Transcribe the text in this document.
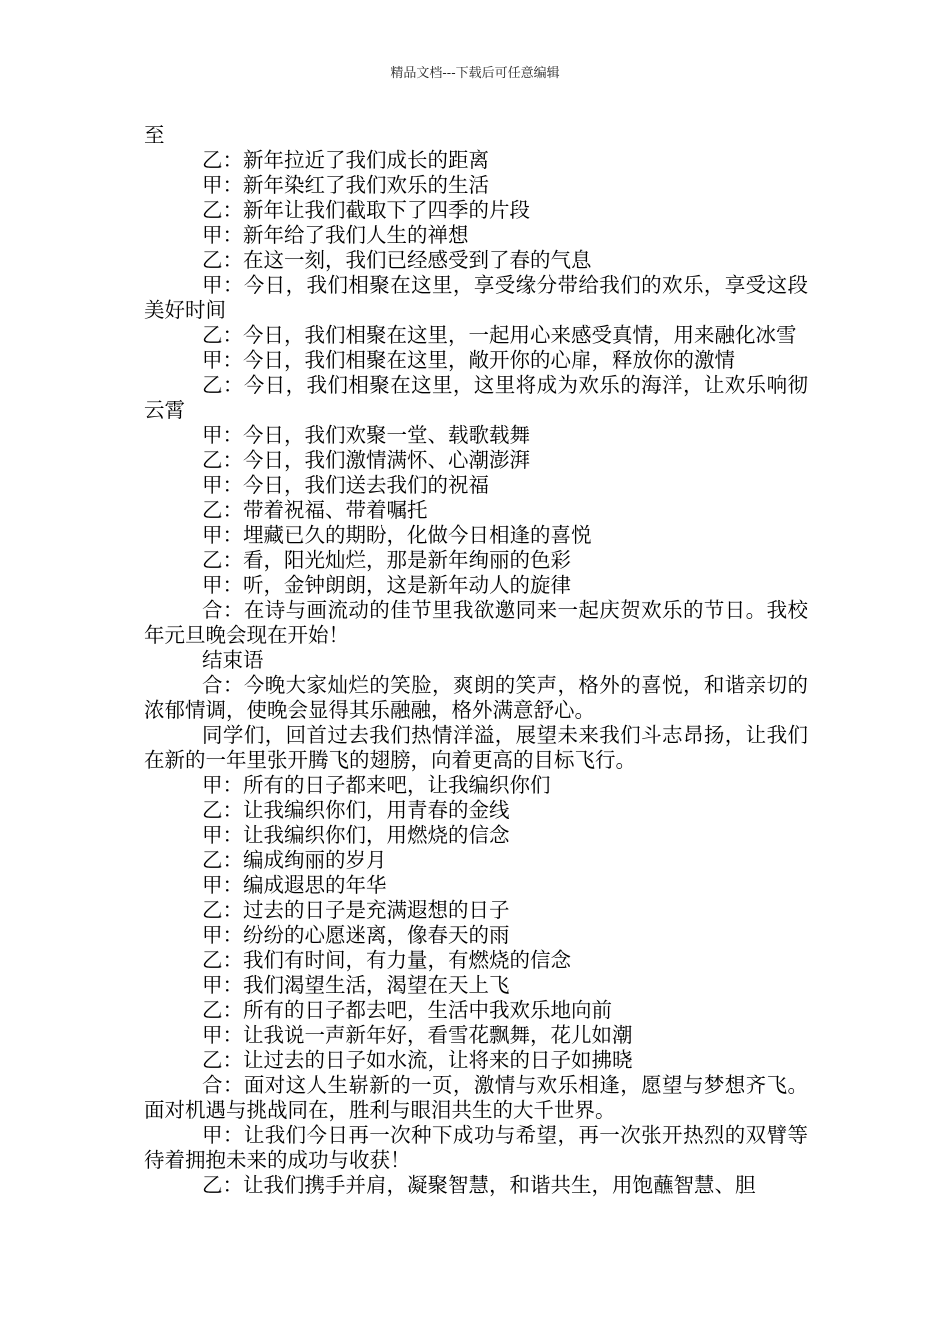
精品文档---下载后可任意编辑

至

乙：新年拉近了我们成长的距离

甲：新年染红了我们欢乐的生活

乙：新年让我们截取下了四季的片段

甲：新年给了我们人生的禅想

乙：在这一刻，我们已经感受到了春的气息

甲：今日，我们相聚在这里，享受缘分带给我们的欢乐，享受这段美好时间

乙：今日，我们相聚在这里，一起用心来感受真情，用来融化冰雪

甲：今日，我们相聚在这里，敞开你的心扉，释放你的激情

乙：今日，我们相聚在这里，这里将成为欢乐的海洋，让欢乐响彻云霄

甲：今日，我们欢聚一堂、载歌载舞

乙：今日，我们激情满怀、心潮澎湃

甲：今日，我们送去我们的祝福

乙：带着祝福、带着嘱托

甲：埋藏已久的期盼，化做今日相逢的喜悦

乙：看，阳光灿烂，那是新年绚丽的色彩

甲：听，金钟朗朗，这是新年动人的旋律

合：在诗与画流动的佳节里我欲邀同来一起庆贺欢乐的节日。我校年元旦晚会现在开始！

结束语

合：今晚大家灿烂的笑脸，爽朗的笑声，格外的喜悦，和谐亲切的浓郁情调，使晚会显得其乐融融，格外满意舒心。

同学们，回首过去我们热情洋溢，展望未来我们斗志昂扬，让我们在新的一年里张开腾飞的翅膀，向着更高的目标飞行。

甲：所有的日子都来吧，让我编织你们

乙：让我编织你们，用青春的金线

甲：让我编织你们，用燃烧的信念

乙：编成绚丽的岁月

甲：编成遐思的年华

乙：过去的日子是充满遐想的日子

甲：纷纷的心愿迷离，像春天的雨

乙：我们有时间，有力量，有燃烧的信念

甲：我们渴望生活，渴望在天上飞

乙：所有的日子都去吧，生活中我欢乐地向前

甲：让我说一声新年好，看雪花飘舞，花儿如潮

乙：让过去的日子如水流，让将来的日子如拂晓

合：面对这人生崭新的一页，激情与欢乐相逢，愿望与梦想齐飞。面对机遇与挑战同在，胜利与眼泪共生的大千世界。

甲：让我们今日再一次种下成功与希望，再一次张开热烈的双臂等待着拥抱未来的成功与收获！

乙：让我们携手并肩，凝聚智慧，和谐共生，用饱蘸智慧、胆
